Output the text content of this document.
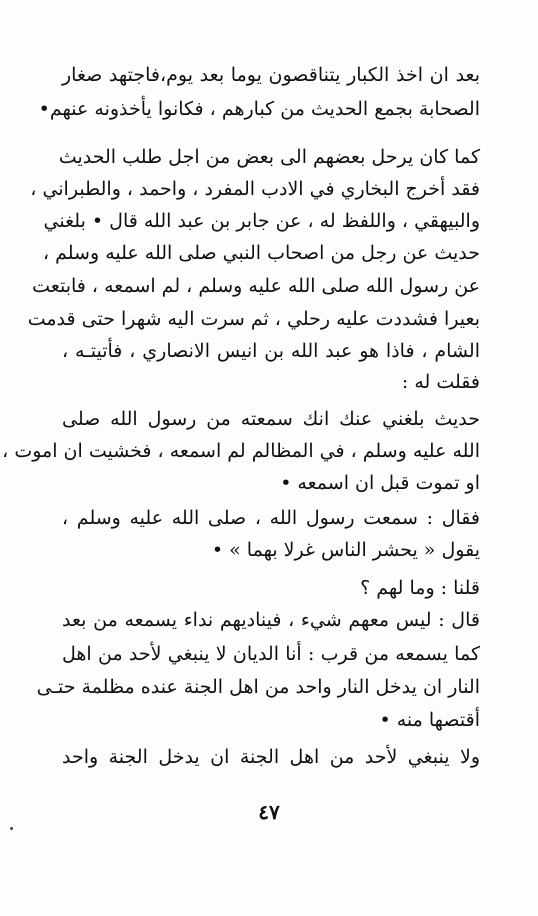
بعد ان اخذ الكبار يتناقصون يوما بعد يوم،فاجتهد صغار
الصحابة بجمع الحديث من كبارهم ، فكانوا يأخذونه عنهم•
كما كان يرحل بعضهم الى بعض من اجل طلب الحديث
فقد أخرج البخاري في الادب المفرد ، واحمد ، والطبراني ،
والبيهقي ، واللفظ له ، عن جابر بن عبد الله قال • بلغني
حديث عن رجل من اصحاب النبي صلى الله عليه وسلم ،
عن رسول الله صلى الله عليه وسلم ، لم اسمعه ، فابتعت
بعيرا فشددت عليه رحلي ، ثم سرت اليه شهرا حتى قدمت
الشام ، فاذا هو عبد الله بن انيس الانصاري ، فأتيتـه ،
فقلت له :
حديث بلغني عنك انك سمعته من رسول الله صلى
الله عليه وسلم ، في المظالم لم اسمعه ، فخشيت ان اموت ،
او تموت قبل ان اسمعه •
فقال : سمعت رسول الله ، صلى الله عليه وسلم ،
يقول « يحشر الناس غرلا بهما » •
قلنا : وما لهم ؟
قال : ليس معهم شيء ، فيناديهم نداء يسمعه من بعد
كما يسمعه من قرب : أنا الديان لا ينبغي لأحد من اهل
النار ان يدخل النار واحد من اهل الجنة عنده مظلمة حتـى
أقتصها منه •
ولا ينبغي لأحد من اهل الجنة ان يدخل الجنة واحد
٤٧
